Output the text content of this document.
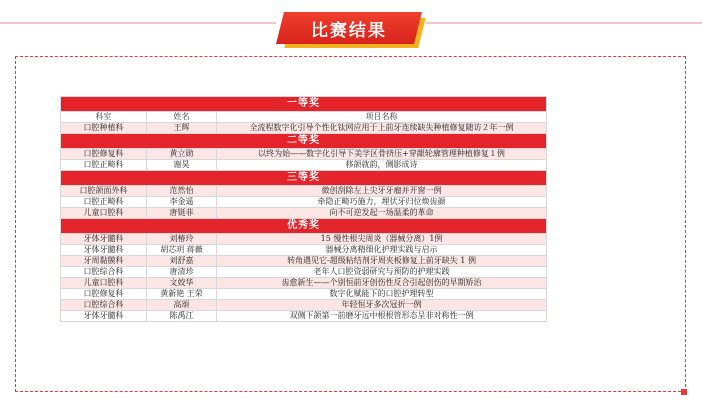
比赛结果
一等奖		
科室	姓名	项目名称
口腔种植科	王辉	全流程数字化引导个性化钛网应用于上前牙连续缺失种植修复随访２年一例
二等奖		
口腔修复科	黄立勋	以终为始——数字化引导下美学区骨挤压+穿龈轮廓管理种植修复１例
口腔正畸科	谢昊	移颌就韵，侧影成诗
三等奖		
口腔颌面外科	范然怡	微创刮除左上尖牙牙瘤并开窗一例
口腔正畸科	李金遥	牵隐正畸巧施力，埋伏牙归位焕齿颜
儿童口腔科	唐铤菲	向不可逆发起一场温柔的革命
优秀奖		
牙体牙髓科	刘椿玲	15 慢性根尖周炎（器械分离）1例
牙体牙髓科	胡芯玥 蒋薇	器械分离精细化护理实践与启示
牙周黏膜科	刘舒嘉	转角遇见它-超级粘结剂牙周夹板修复上前牙缺失 1 例
口腔综合科	唐清珍	老年人口腔资弱研究与预防的护理实践
儿童口腔科	文姣华	齿愈新生——个别恒前牙创伤性反合引起创伤的早期矫治
口腔修复科	黄新艳 王荣	数字化赋能下的口腔护理转型
口腔综合科	高頌	年轻恒牙多次冠折一例
牙体牙髓科	陈禹江	双侧下颌第一前磨牙远中根根管形态呈非对称性一例
